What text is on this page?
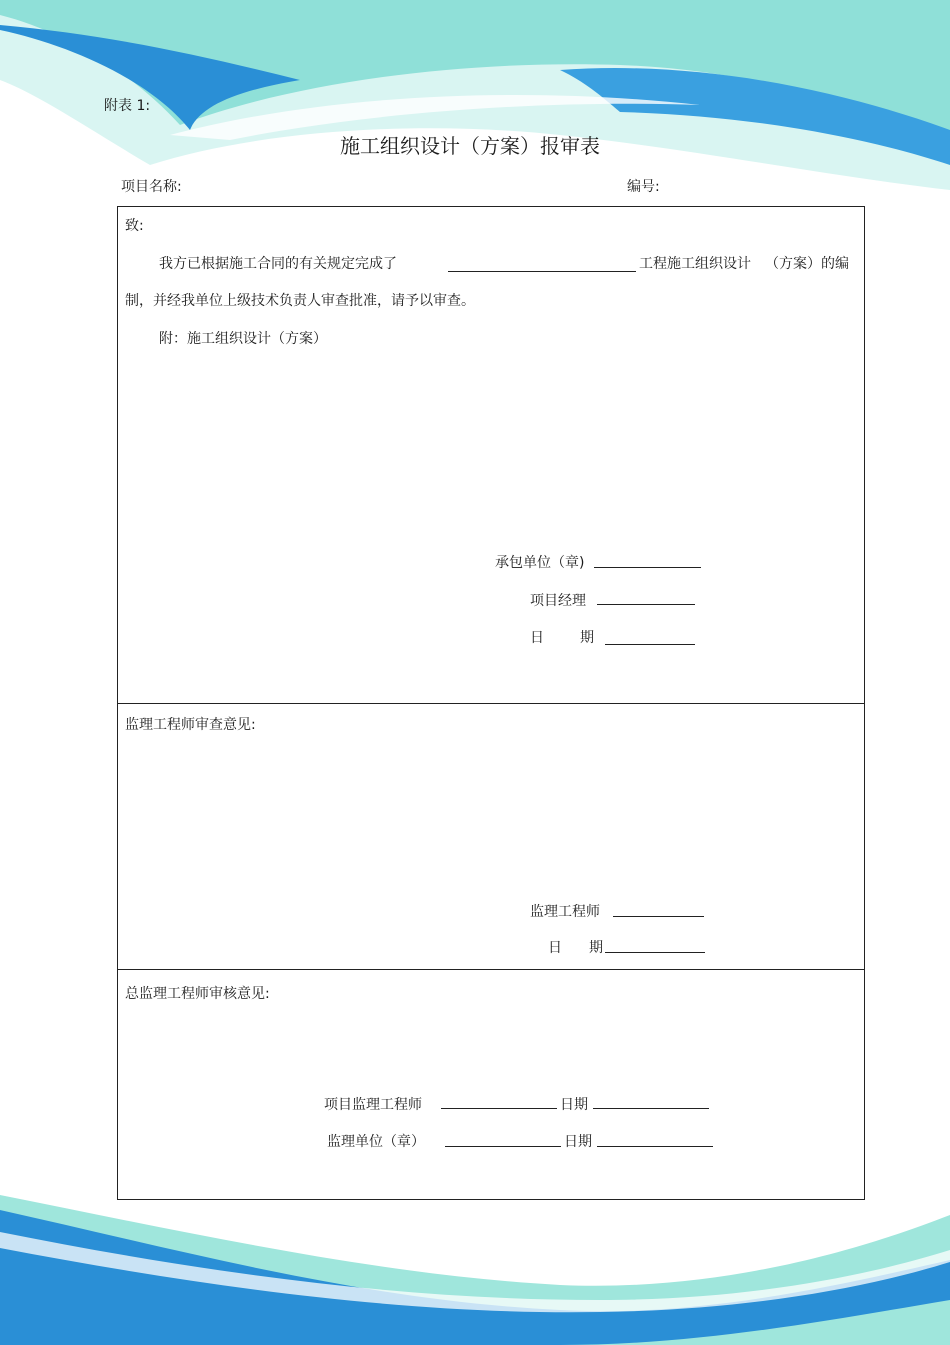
附表 1:
施工组织设计（方案）报审表
项目名称:	编号:
致:
我方已根据施工合同的有关规定完成了	工程施工组织设计 （方案）的编
制，并经我单位上级技术负责人审查批准，请予以审查。
附：施工组织设计（方案）
承包单位（章)
项目经理
日	期
监理工程师审查意见:
监理工程师
日 期
总监理工程师审核意见:
项目监理工程师	日期
监理单位（章）	日期
